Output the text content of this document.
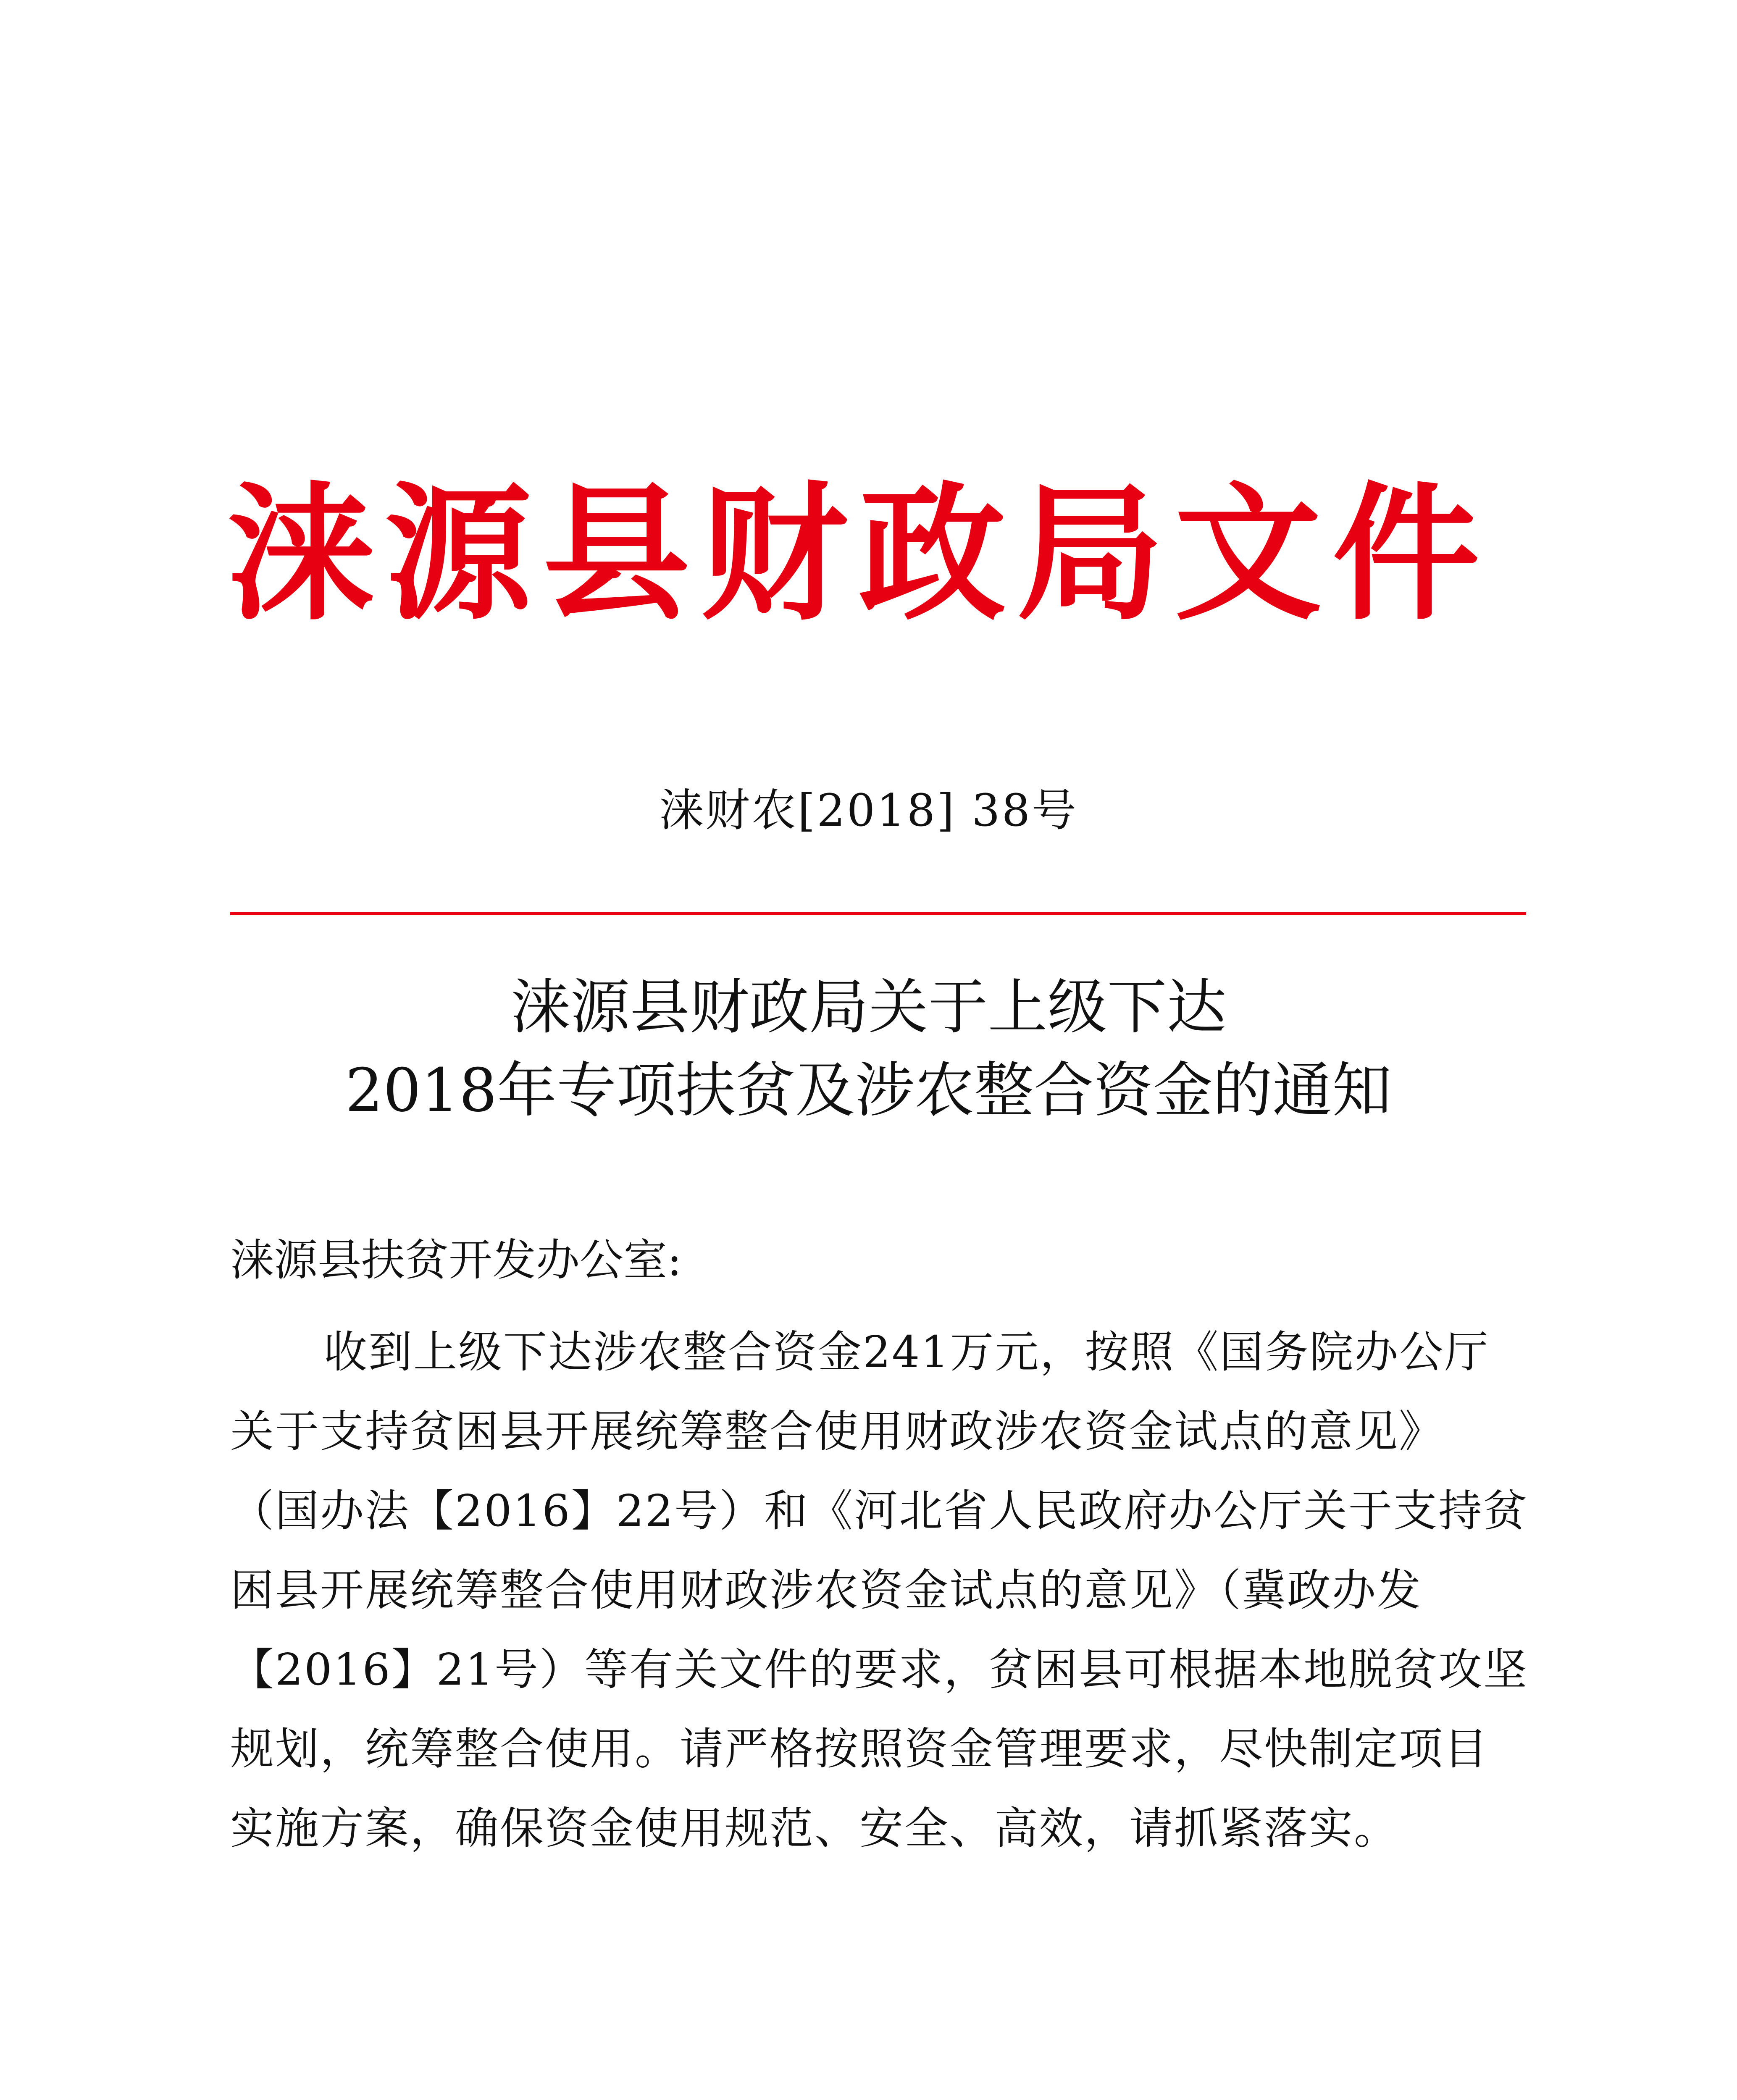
涞源县财政局文件
涞财农[2018] 38号
涞源县财政局关于上级下达
2018年专项扶贫及涉农整合资金的通知
涞源县扶贫开发办公室:
收到上级下达涉农整合资金241万元，按照《国务院办公厅
关于支持贫困县开展统筹整合使用财政涉农资金试点的意见》
（国办法【2016】22号）和《河北省人民政府办公厅关于支持贫
困县开展统筹整合使用财政涉农资金试点的意见》（冀政办发
【2016】21号）等有关文件的要求，贫困县可根据本地脱贫攻坚
规划，统筹整合使用。请严格按照资金管理要求，尽快制定项目
实施方案，确保资金使用规范、安全、高效，请抓紧落实。
